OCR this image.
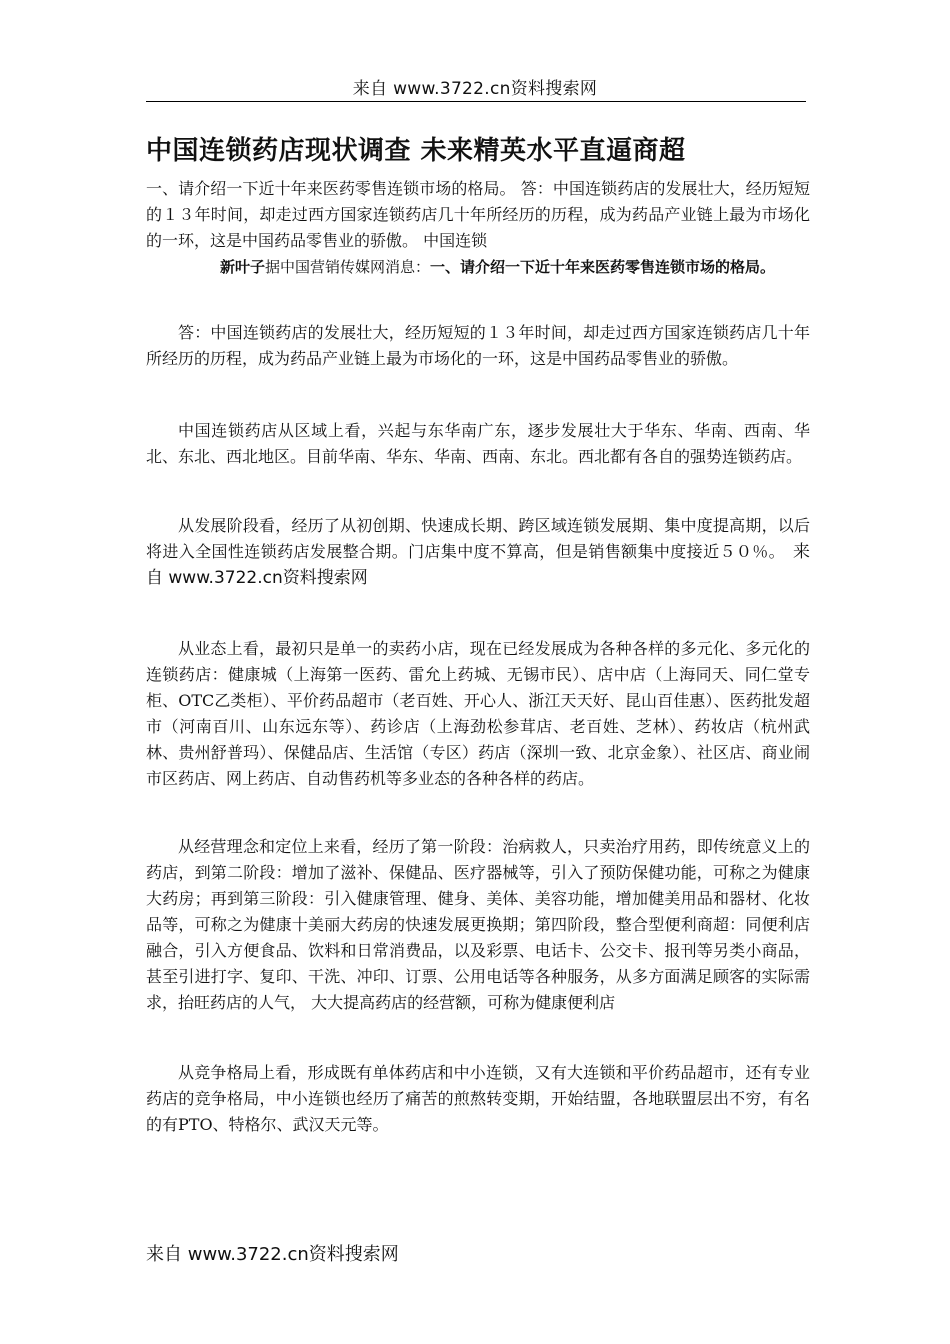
来自 www.3722.cn资料搜索网
中国连锁药店现状调查 未来精英水平直逼商超
一、请介绍一下近十年来医药零售连锁市场的格局。 答：中国连锁药店的发展壮大，经历短短的１３年时间，却走过西方国家连锁药店几十年所经历的历程，成为药品产业链上最为市场化的一环，这是中国药品零售业的骄傲。 中国连锁
新叶子据中国营销传媒网消息：一、请介绍一下近十年来医药零售连锁市场的格局。
答：中国连锁药店的发展壮大，经历短短的１３年时间，却走过西方国家连锁药店几十年所经历的历程，成为药品产业链上最为市场化的一环，这是中国药品零售业的骄傲。
中国连锁药店从区域上看，兴起与东华南广东，逐步发展壮大于华东、华南、西南、华北、东北、西北地区。目前华南、华东、华南、西南、东北。西北都有各自的强势连锁药店。
从发展阶段看，经历了从初创期、快速成长期、跨区域连锁发展期、集中度提高期，以后将进入全国性连锁药店发展整合期。门店集中度不算高，但是销售额集中度接近５０％。 来自 www.3722.cn资料搜索网
从业态上看，最初只是单一的卖药小店，现在已经发展成为各种各样的多元化、多元化的连锁药店：健康城（上海第一医药、雷允上药城、无锡市民）、店中店（上海同天、同仁堂专柜、OTC乙类柜）、平价药品超市（老百姓、开心人、浙江天天好、昆山百佳惠）、医药批发超市（河南百川、山东远东等）、药诊店（上海劲松参茸店、老百姓、芝林）、药妆店（杭州武林、贵州舒普玛）、保健品店、生活馆（专区）药店（深圳一致、北京金象）、社区店、商业闹市区药店、网上药店、自动售药机等多业态的各种各样的药店。
从经营理念和定位上来看，经历了第一阶段：治病救人，只卖治疗用药，即传统意义上的药店，到第二阶段：增加了滋补、保健品、医疗器械等，引入了预防保健功能，可称之为健康大药房；再到第三阶段：引入健康管理、健身、美体、美容功能，增加健美用品和器材、化妆品等，可称之为健康十美丽大药房的快速发展更换期；第四阶段，整合型便利商超：同便利店融合，引入方便食品、饮料和日常消费品，以及彩票、电话卡、公交卡、报刊等另类小商品，甚至引进打字、复印、干洗、冲印、订票、公用电话等各种服务，从多方面满足顾客的实际需求，抬旺药店的人气， 大大提高药店的经营额，可称为健康便利店
从竞争格局上看，形成既有单体药店和中小连锁，又有大连锁和平价药品超市，还有专业药店的竞争格局，中小连锁也经历了痛苦的煎熬转变期，开始结盟，各地联盟层出不穷，有名的有PTO、特格尔、武汉天元等。
来自 www.3722.cn资料搜索网
